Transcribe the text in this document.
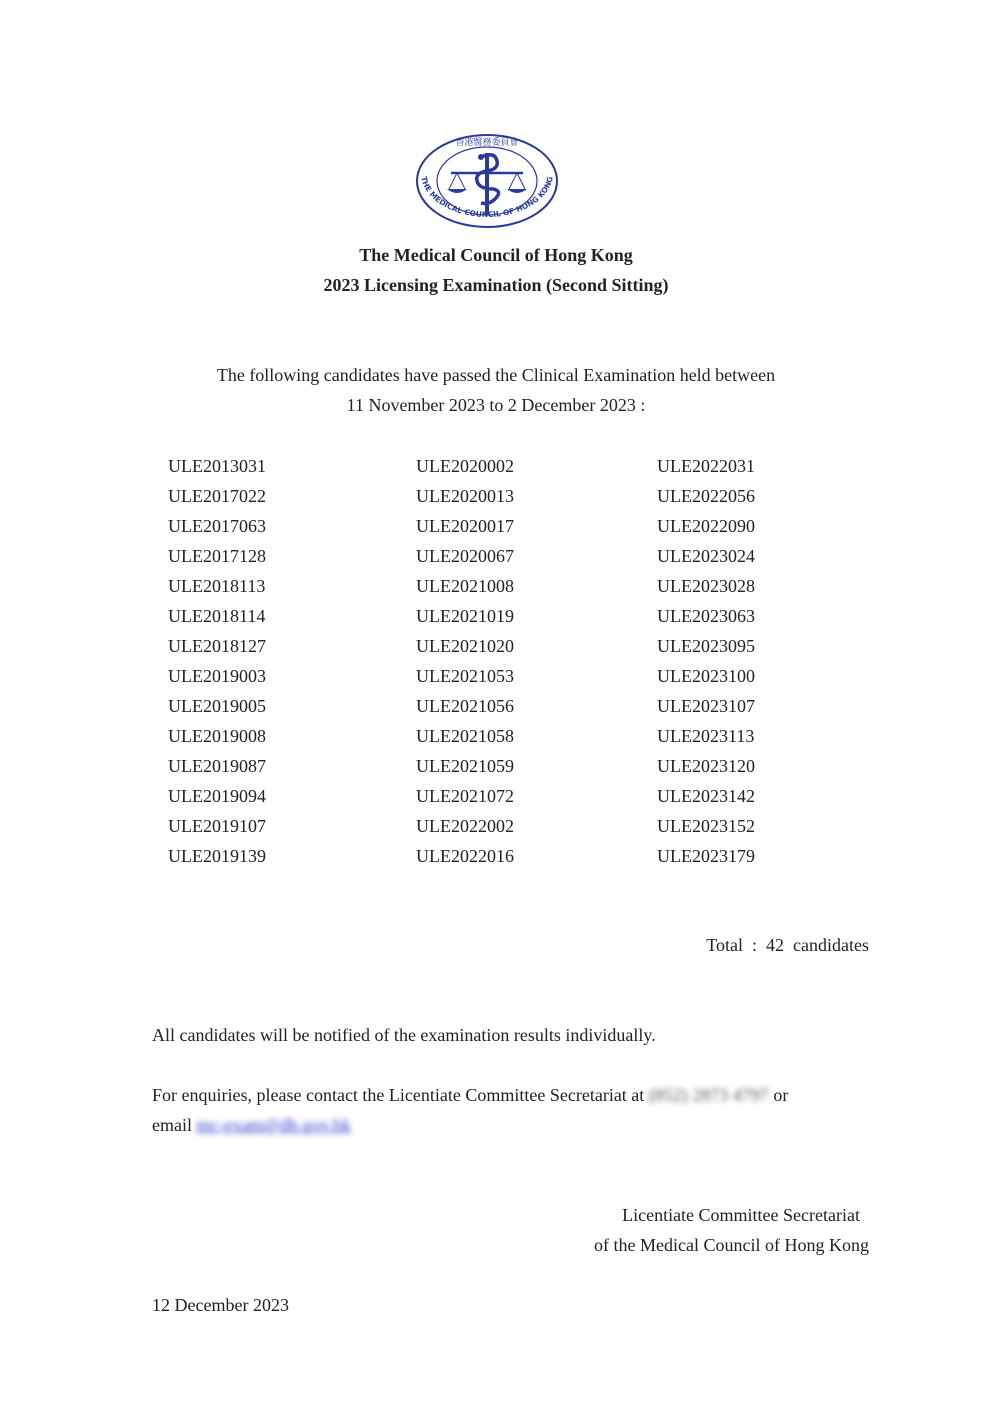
香港醫務委員會
THE MEDICAL COUNCIL OF HONG KONG
The Medical Council of Hong Kong
2023 Licensing Examination (Second Sitting)
The following candidates have passed the Clinical Examination held between
11 November 2023 to 2 December 2023 :
ULE2013031
ULE2017022
ULE2017063
ULE2017128
ULE2018113
ULE2018114
ULE2018127
ULE2019003
ULE2019005
ULE2019008
ULE2019087
ULE2019094
ULE2019107
ULE2019139
ULE2020002
ULE2020013
ULE2020017
ULE2020067
ULE2021008
ULE2021019
ULE2021020
ULE2021053
ULE2021056
ULE2021058
ULE2021059
ULE2021072
ULE2022002
ULE2022016
ULE2022031
ULE2022056
ULE2022090
ULE2023024
ULE2023028
ULE2023063
ULE2023095
ULE2023100
ULE2023107
ULE2023113
ULE2023120
ULE2023142
ULE2023152
ULE2023179
Total  :  42  candidates
All candidates will be notified of the examination results individually.
For enquiries, please contact the Licentiate Committee Secretariat at (852) 2873 4797 or
email mc-exam@dh.gov.hk
Licentiate Committee Secretariat
of the Medical Council of Hong Kong
12 December 2023
